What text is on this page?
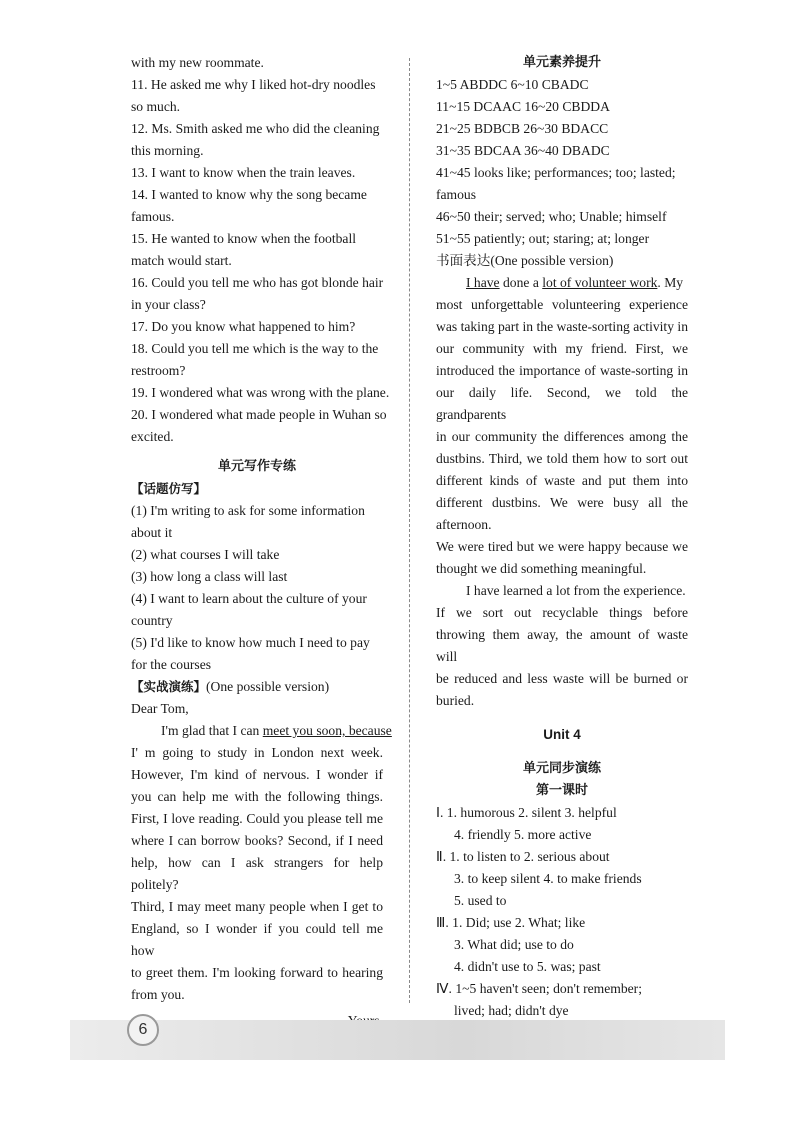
with my new roommate.
11. He asked me why I liked hot-dry noodles
so much.
12. Ms. Smith asked me who did the cleaning
this morning.
13. I want to know when the train leaves.
14. I wanted to know why the song became
famous.
15. He wanted to know when the football
match would start.
16. Could you tell me who has got blonde hair
in your class?
17. Do you know what happened to him?
18. Could you tell me which is the way to the
restroom?
19. I wondered what was wrong with the plane.
20. I wondered what made people in Wuhan so
excited.
单元写作专练
【话题仿写】
(1) I'm writing to ask for some information
about it
(2) what courses I will take
(3) how long a class will last
(4) I want to learn about the culture of your
country
(5) I'd like to know how much I need to pay
for the courses
【实战演练】(One possible version)
Dear Tom,
I'm glad that I can meet you soon, because
I' m going to study in London next week.
However, I'm kind of nervous. I wonder if
you can help me with the following things.
First, I love reading. Could you please tell me
where I can borrow books? Second, if I need
help, how can I ask strangers for help politely?
Third, I may meet many people when I get to
England, so I wonder if you could tell me how
to greet them. I'm looking forward to hearing
from you.
单元素养提升
1~5 ABDDC 6~10 CBADC
11~15 DCAAC 16~20 CBDDA
21~25 BDBCB 26~30 BDACC
31~35 BDCAA 36~40 DBADC
41~45 looks like; performances; too; lasted;
famous
46~50 their; served; who; Unable; himself
51~55 patiently; out; staring; at; longer
书面表达(One possible version)
I have done a lot of volunteer work. My
most unforgettable volunteering experience
was taking part in the waste-sorting activity in
our community with my friend. First, we
introduced the importance of waste-sorting in
our daily life. Second, we told the grandparents
in our community the differences among the
dustbins. Third, we told them how to sort out
different kinds of waste and put them into
different dustbins. We were busy all the afternoon.
We were tired but we were happy because we
thought we did something meaningful.
I have learned a lot from the experience.
If we sort out recyclable things before
throwing them away, the amount of waste will
be reduced and less waste will be burned or
buried.
Unit 4
单元同步演练
第一课时
Ⅰ. 1. humorous 2. silent 3. helpful
4. friendly 5. more active
Ⅱ. 1. to listen to 2. serious about
3. to keep silent 4. to make friends
5. used to
Ⅲ. 1. Did; use 2. What; like
3. What did; use to do
4. didn't use to 5. was; past
Ⅳ. 1~5 haven't seen; don't remember;
lived; had; didn't dye
6
